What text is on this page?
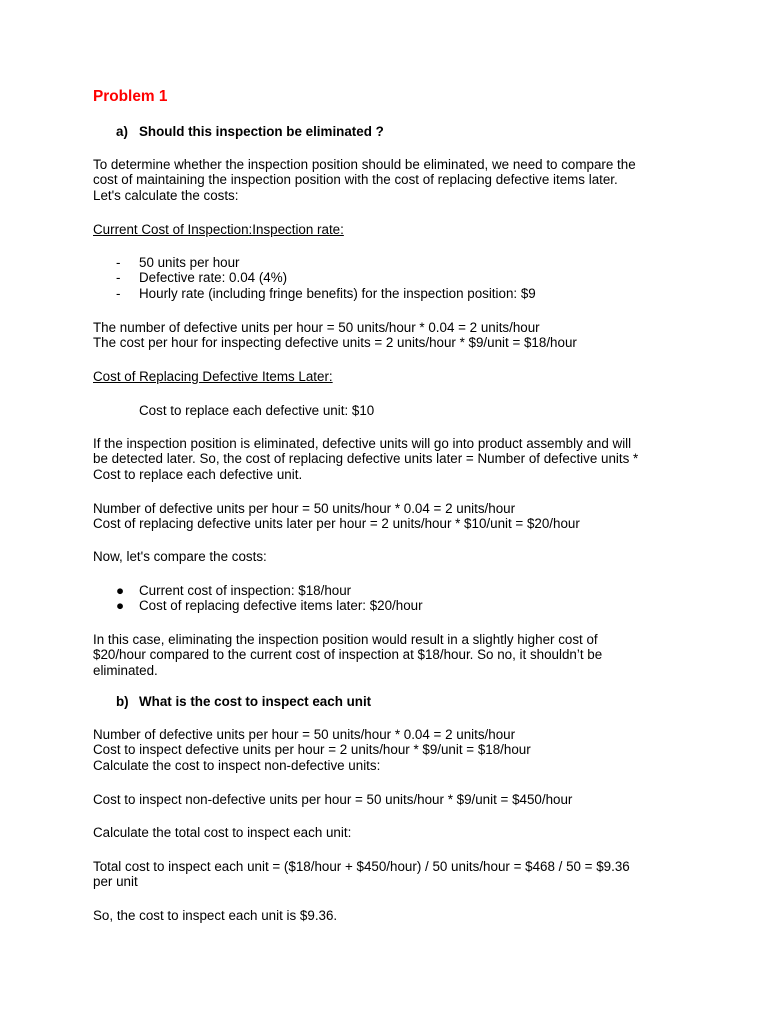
Problem 1
a) Should this inspection be eliminated ?
To determine whether the inspection position should be eliminated, we need to compare the
cost of maintaining the inspection position with the cost of replacing defective items later.
Let's calculate the costs:
Current Cost of Inspection:Inspection rate:
- 50 units per hour
- Defective rate: 0.04 (4%)
- Hourly rate (including fringe benefits) for the inspection position: $9
The number of defective units per hour = 50 units/hour * 0.04 = 2 units/hour
The cost per hour for inspecting defective units = 2 units/hour * $9/unit = $18/hour
Cost of Replacing Defective Items Later:
Cost to replace each defective unit: $10
If the inspection position is eliminated, defective units will go into product assembly and will
be detected later. So, the cost of replacing defective units later = Number of defective units *
Cost to replace each defective unit.
Number of defective units per hour = 50 units/hour * 0.04 = 2 units/hour
Cost of replacing defective units later per hour = 2 units/hour * $10/unit = $20/hour
Now, let's compare the costs:
● Current cost of inspection: $18/hour
● Cost of replacing defective items later: $20/hour
In this case, eliminating the inspection position would result in a slightly higher cost of
$20/hour compared to the current cost of inspection at $18/hour. So no, it shouldn’t be
eliminated.
b) What is the cost to inspect each unit
Number of defective units per hour = 50 units/hour * 0.04 = 2 units/hour
Cost to inspect defective units per hour = 2 units/hour * $9/unit = $18/hour
Calculate the cost to inspect non-defective units:
Cost to inspect non-defective units per hour = 50 units/hour * $9/unit = $450/hour
Calculate the total cost to inspect each unit:
Total cost to inspect each unit = ($18/hour + $450/hour) / 50 units/hour = $468 / 50 = $9.36
per unit
So, the cost to inspect each unit is $9.36.
